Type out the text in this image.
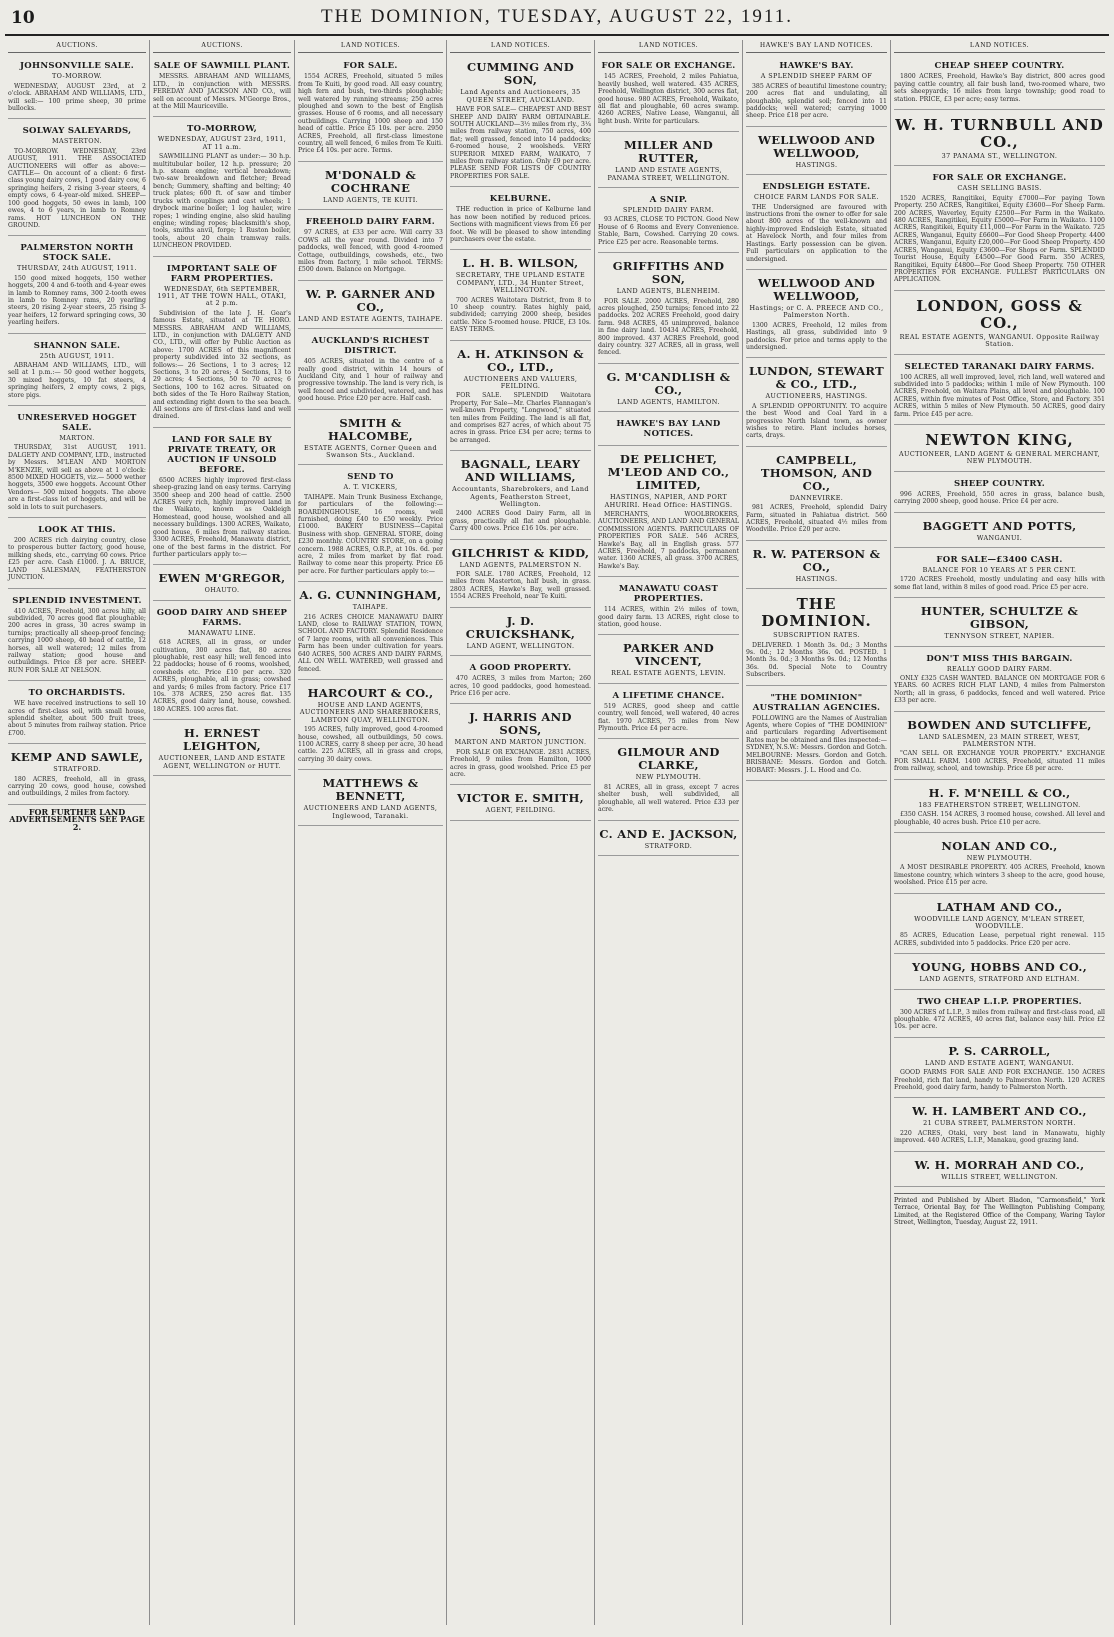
10	THE DOMINION, TUESDAY, AUGUST 22, 1911.
AUCTIONS.
JOHNSONVILLE SALE.
TO-MORROW.
WEDNESDAY, AUGUST 23rd, at 2 o'clock. ABRAHAM AND WILLIAMS, LTD., will sell:— 100 prime sheep, 30 prime bullocks.
SOLWAY SALEYARDS,
MASTERTON.
TO-MORROW. WEDNESDAY, 23rd AUGUST, 1911. THE ASSOCIATED AUCTIONEERS will offer as above:— CATTLE— On account of a client: 6 first-class young dairy cows, 1 good dairy cow, 6 springing heifers, 2 rising 3-year steers, 4 empty cows, 6 4-year-old mixed. SHEEP— 100 good hoggets, 50 ewes in lamb, 100 ewes, 4 to 6 years, in lamb to Romney rams. HOT LUNCHEON ON THE GROUND.
PALMERSTON NORTH STOCK SALE.
THURSDAY, 24th AUGUST, 1911.
150 good mixed hoggets, 150 wether hoggets, 200 4 and 6-tooth and 4-year ewes in lamb to Romney rams, 300 2-tooth ewes in lamb to Romney rams, 20 yearling steers, 20 rising 2-year steers, 25 rising 3-year heifers, 12 forward springing cows, 30 yearling heifers.
SHANNON SALE.
25th AUGUST, 1911.
ABRAHAM AND WILLIAMS, LTD., will sell at 1 p.m.:— 50 good wether hoggets, 30 mixed hoggets, 10 fat steers, 4 springing heifers, 2 empty cows, 2 pigs, store pigs.
UNRESERVED HOGGET SALE.
MARTON.
THURSDAY, 31st AUGUST, 1911. DALGETY AND COMPANY, LTD., instructed by Messrs. M'LEAN AND MORTON M'KENZIE, will sell as above at 1 o'clock: 8500 MIXED HOGGETS, viz.— 5000 wether hoggets, 3500 ewe hoggets. Account Other Vendors— 500 mixed hoggets. The above are a first-class lot of hoggets, and will be sold in lots to suit purchasers.
LOOK AT THIS.
200 ACRES rich dairying country, close to prosperous butter factory, good house, milking sheds, etc., carrying 60 cows. Price £25 per acre. Cash £1000. J. A. BRUCE, LAND SALESMAN, FEATHERSTON JUNCTION.
SPLENDID INVESTMENT.
410 ACRES, Freehold, 300 acres hilly, all subdivided, 70 acres good flat ploughable; 200 acres in grass, 30 acres swamp in turnips; practically all sheep-proof fencing; carrying 1000 sheep, 40 head of cattle, 12 horses, all well watered; 12 miles from railway station; good house and outbuildings. Price £8 per acre. SHEEP-RUN FOR SALE AT NELSON.
TO ORCHARDISTS.
WE have received instructions to sell 10 acres of first-class soil, with small house, splendid shelter, about 500 fruit trees, about 5 minutes from railway station. Price £700.
KEMP AND SAWLE,
STRATFORD.
180 ACRES, freehold, all in grass, carrying 20 cows, good house, cowshed and outbuildings, 2 miles from factory.
FOR FURTHER LAND ADVERTISEMENTS SEE PAGE 2.
AUCTIONS.
SALE OF SAWMILL PLANT.
MESSRS. ABRAHAM AND WILLIAMS, LTD., in conjunction with MESSRS. FEREDAY AND JACKSON AND CO., will sell on account of Messrs. M'George Bros., at the Mill Mauriceville.
TO-MORROW,
WEDNESDAY, AUGUST 23rd, 1911, AT 11 a.m.
SAWMILLING PLANT as under:— 30 h.p. multitubular boiler, 12 h.p. pressure; 20 h.p. steam engine; vertical breakdown; two-saw breakdown and fletcher; Bread bench; Gummery, shafting and belting; 40 truck plates; 600 ft. of saw and timber trucks with couplings and cast wheels; 1 drybock marine boiler; 1 log hauler, wire ropes; 1 winding engine, also skid hauling engine; winding ropes; blacksmith's shop, tools, smiths anvil, forge; 1 Ruston boiler, tools, about 20 chain tramway rails. LUNCHEON PROVIDED.
IMPORTANT SALE OF FARM PROPERTIES.
WEDNESDAY, 6th SEPTEMBER, 1911, AT THE TOWN HALL, OTAKI, at 2 p.m.
Subdivision of the late J. H. Gear's famous Estate, situated at TE HORO. MESSRS. ABRAHAM AND WILLIAMS, LTD., in conjunction with DALGETY AND CO., LTD., will offer by Public Auction as above: 1700 ACRES of this magnificent property subdivided into 32 sections, as follows:— 26 Sections, 1 to 3 acres; 12 Sections, 3 to 20 acres; 4 Sections, 13 to 29 acres; 4 Sections, 50 to 70 acres; 6 Sections, 100 to 162 acres. Situated on both sides of the Te Horo Railway Station, and extending right down to the sea beach. All sections are of first-class land and well drained.
LAND FOR SALE BY PRIVATE TREATY, OR AUCTION IF UNSOLD BEFORE.
6500 ACRES highly improved first-class sheep-grazing land on easy terms. Carrying 3500 sheep and 200 head of cattle. 2500 ACRES very rich, highly improved land in the Waikato, known as Oakleigh Homestead, good house, woolshed and all necessary buildings. 1300 ACRES, Waikato, good house, 6 miles from railway station. 3300 ACRES, Freehold, Manawatu district, one of the best farms in the district. For further particulars apply to:—
EWEN M'GREGOR,
OHAUTO.
GOOD DAIRY AND SHEEP FARMS.
MANAWATU LINE.
618 ACRES, all in grass, or under cultivation, 300 acres flat, 80 acres ploughable, rest easy hill; well fenced into 22 paddocks; house of 6 rooms, woolshed, cowsheds etc. Price £10 per acre. 320 ACRES, ploughable, all in grass; cowshed and yards; 6 miles from factory. Price £17 10s. 378 ACRES, 250 acres flat. 135 ACRES, good dairy land, house, cowshed. 180 ACRES. 100 acres flat.
H. ERNEST LEIGHTON,
AUCTIONEER, LAND AND ESTATE AGENT, WELLINGTON or HUTT.
LAND NOTICES.
FOR SALE.
1554 ACRES, Freehold, situated 5 miles from Te Kuiti, by good road. All easy country, high fern and bush, two-thirds ploughable; well watered by running streams; 250 acres ploughed and sown to the best of English grasses. House of 6 rooms, and all necessary outbuildings. Carrying 1000 sheep and 150 head of cattle. Price £5 10s. per acre. 2950 ACRES, Freehold, all first-class limestone country, all well fenced, 6 miles from Te Kuiti. Price £4 10s. per acre. Terms.
M'DONALD & COCHRANE
LAND AGENTS, TE KUITI.
FREEHOLD DAIRY FARM.
97 ACRES, at £33 per acre. Will carry 33 COWS all the year round. Divided into 7 paddocks, well fenced, with good 4-roomed Cottage, outbuildings, cowsheds, etc., two miles from factory, 1 mile school. TERMS: £500 down. Balance on Mortgage.
W. P. GARNER AND CO.,
LAND AND ESTATE AGENTS, TAIHAPE.
AUCKLAND'S RICHEST DISTRICT.
405 ACRES, situated in the centre of a really good district, within 14 hours of Auckland City, and 1 hour of railway and progressive township. The land is very rich, is well fenced and subdivided, watered, and has good house. Price £20 per acre. Half cash.
SMITH & HALCOMBE,
ESTATE AGENTS, Corner Queen and Swanson Sts., Auckland.
SEND TO
A. T. VICKERS,
TAIHAPE. Main Trunk Business Exchange, for particulars of the following:— BOARDINGHOUSE, 16 rooms, well furnished, doing £40 to £50 weekly. Price £1000. BAKERY BUSINESS—Capital Business with shop. GENERAL STORE, doing £230 monthly. COUNTRY STORE, on a going concern. 1988 ACRES, O.R.P., at 10s. 6d. per acre, 2 miles from market by flat road. Railway to come near this property. Price £6 per acre. For further particulars apply to:—
A. G. CUNNINGHAM,
TAIHAPE.
216 ACRES CHOICE MANAWATU DAIRY LAND, close to RAILWAY STATION, TOWN, SCHOOL AND FACTORY. Splendid Residence of 7 large rooms, with all conveniences. This Farm has been under cultivation for years. 640 ACRES, 500 ACRES AND DAIRY FARMS, ALL ON WELL WATERED, well grassed and fenced.
HARCOURT & CO.,
HOUSE AND LAND AGENTS, AUCTIONEERS AND SHAREBROKERS, LAMBTON QUAY, WELLINGTON.
195 ACRES, fully improved, good 4-roomed house, cowshed, all outbuildings, 50 cows. 1100 ACRES, carry 8 sheep per acre, 30 head cattle. 225 ACRES, all in grass and crops, carrying 30 dairy cows.
MATTHEWS & BENNETT,
AUCTIONEERS AND LAND AGENTS, Inglewood, Taranaki.
LAND NOTICES.
CUMMING AND SON,
Land Agents and Auctioneers, 35 QUEEN STREET, AUCKLAND.
HAVE FOR SALE— CHEAPEST AND BEST SHEEP AND DAIRY FARM OBTAINABLE. SOUTH AUCKLAND—3½ miles from rly., 3¼ miles from railway station, 750 acres, 400 flat; well grassed, fenced into 14 paddocks; 6-roomed house, 2 woolsheds. VERY SUPERIOR MIXED FARM, WAIKATO, 7 miles from railway station. Only £9 per acre. PLEASE SEND FOR LISTS OF COUNTRY PROPERTIES FOR SALE.
KELBURNE.
THE reduction in price of Kelburne land has now been notified by reduced prices. Sections with magnificent views from £6 per foot. We will be pleased to show intending purchasers over the estate.
L. H. B. WILSON,
SECRETARY, THE UPLAND ESTATE COMPANY, LTD., 34 Hunter Street, WELLINGTON.
700 ACRES Waitotara District, from 8 to 10 sheep country. Rates highly paid, subdivided; carrying 2000 sheep, besides cattle. Nice 5-roomed house. PRICE, £3 10s. EASY TERMS.
A. H. ATKINSON & CO., LTD.,
AUCTIONEERS AND VALUERS, FEILDING.
FOR SALE. SPLENDID Waitotara Property, For Sale—Mr. Charles Flannagan's well-known Property, "Longwood," situated ten miles from Feilding. The land is all flat, and comprises 827 acres, of which about 75 acres in grass. Price £34 per acre; terms to be arranged.
BAGNALL, LEARY AND WILLIAMS,
Accountants, Sharebrokers, and Land Agents, Featherston Street, Wellington.
2400 ACRES Good Dairy Farm, all in grass, practically all flat and ploughable. Carry 400 cows. Price £16 10s. per acre.
GILCHRIST & KIDD,
LAND AGENTS, PALMERSTON N.
FOR SALE. 1780 ACRES, Freehold, 12 miles from Masterton, half bush, in grass. 2803 ACRES, Hawke's Bay, well grassed. 1554 ACRES Freehold, near Te Kuiti.
J. D. CRUICKSHANK,
LAND AGENT, WELLINGTON.
A GOOD PROPERTY.
470 ACRES, 3 miles from Marton; 260 acres, 10 good paddocks, good homestead. Price £16 per acre.
J. HARRIS AND SONS,
MARTON AND MARTON JUNCTION.
FOR SALE OR EXCHANGE. 2831 ACRES, Freehold, 9 miles from Hamilton, 1000 acres in grass, good woolshed. Price £5 per acre.
VICTOR E. SMITH,
AGENT, FEILDING.
LAND NOTICES.
FOR SALE OR EXCHANGE.
145 ACRES, Freehold, 2 miles Pahiatua, heavily bushed, well watered. 435 ACRES, Freehold, Wellington district, 300 acres flat, good house. 980 ACRES, Freehold, Waikato, all flat and ploughable, 60 acres swamp. 4260 ACRES, Native Lease, Wanganui, all light bush. Write for particulars.
MILLER AND RUTTER,
LAND AND ESTATE AGENTS, PANAMA STREET, WELLINGTON.
A SNIP.
SPLENDID DAIRY FARM.
93 ACRES, CLOSE TO PICTON. Good New House of 6 Rooms and Every Convenience. Stable, Barn, Cowshed. Carrying 20 cows. Price £25 per acre. Reasonable terms.
GRIFFITHS AND SON,
LAND AGENTS, BLENHEIM.
FOR SALE. 2000 ACRES, Freehold, 280 acres ploughed, 250 turnips; fenced into 22 paddocks. 202 ACRES Freehold, good dairy farm. 948 ACRES, 45 unimproved, balance in fine dairy land. 10434 ACRES, Freehold, 800 improved. 437 ACRES Freehold, good dairy country. 327 ACRES, all in grass, well fenced.
G. M'CANDLISH & CO.,
LAND AGENTS, HAMILTON.
HAWKE'S BAY LAND NOTICES.
DE PELICHET, M'LEOD AND CO., LIMITED,
HASTINGS, NAPIER, AND PORT AHURIRI. Head Office: HASTINGS.
MERCHANTS, WOOLBROKERS, AUCTIONEERS, AND LAND AND GENERAL COMMISSION AGENTS. PARTICULARS OF PROPERTIES FOR SALE. 546 ACRES, Hawke's Bay, all in English grass. 577 ACRES, Freehold, 7 paddocks, permanent water. 1360 ACRES, all grass. 3700 ACRES, Hawke's Bay.
MANAWATU COAST PROPERTIES.
114 ACRES, within 2½ miles of town, good dairy farm. 13 ACRES, right close to station, good house.
PARKER AND VINCENT,
REAL ESTATE AGENTS, LEVIN.
A LIFETIME CHANCE.
519 ACRES, good sheep and cattle country, well fenced, well watered, 40 acres flat. 1970 ACRES, 75 miles from New Plymouth. Price £4 per acre.
GILMOUR AND CLARKE,
NEW PLYMOUTH.
81 ACRES, all in grass, except 7 acres shelter bush, well subdivided, all ploughable, all well watered. Price £33 per acre.
C. AND E. JACKSON,
STRATFORD.
HAWKE'S BAY LAND NOTICES.
HAWKE'S BAY.
A SPLENDID SHEEP FARM OF
385 ACRES of beautiful limestone country; 200 acres flat and undulating, all ploughable, splendid soil; fenced into 11 paddocks; well watered; carrying 1000 sheep. Price £18 per acre.
WELLWOOD AND WELLWOOD,
HASTINGS.
ENDSLEIGH ESTATE.
CHOICE FARM LANDS FOR SALE.
THE Undersigned are favoured with instructions from the owner to offer for sale about 800 acres of the well-known and highly-improved Endsleigh Estate, situated at Havelock North, and four miles from Hastings. Early possession can be given. Full particulars on application to the undersigned.
WELLWOOD AND WELLWOOD,
Hastings; or C. A. PREECE AND CO., Palmerston North.
1300 ACRES, Freehold, 12 miles from Hastings, all grass, subdivided into 9 paddocks. For price and terms apply to the undersigned.
LUNDON, STEWART & CO., LTD.,
AUCTIONEERS, HASTINGS.
A SPLENDID OPPORTUNITY. TO acquire the best Wood and Coal Yard in a progressive North Island town, as owner wishes to retire. Plant includes horses, carts, drays.
CAMPBELL, THOMSON, AND CO.,
DANNEVIRKE.
981 ACRES, Freehold, splendid Dairy Farm, situated in Pahiatua district. 560 ACRES, Freehold, situated 4½ miles from Woodville. Price £20 per acre.
R. W. PATERSON & CO.,
HASTINGS.
THE DOMINION.
SUBSCRIPTION RATES.
DELIVERED. 1 Month 3s. 0d.; 3 Months 9s. 0d.; 12 Months 36s. 0d. POSTED. 1 Month 3s. 0d.; 3 Months 9s. 0d.; 12 Months 36s. 0d. Special Note to Country Subscribers.
"THE DOMINION" AUSTRALIAN AGENCIES.
FOLLOWING are the Names of Australian Agents, where Copies of "THE DOMINION" and particulars regarding Advertisement Rates may be obtained and files inspected:— SYDNEY, N.S.W.: Messrs. Gordon and Gotch. MELBOURNE: Messrs. Gordon and Gotch. BRISBANE: Messrs. Gordon and Gotch. HOBART: Messrs. J. L. Hood and Co.
LAND NOTICES.
CHEAP SHEEP COUNTRY.
1800 ACRES, Freehold, Hawke's Bay district, 800 acres good paying cattle country, all fair bush land, two-roomed whare, two sets sheepyards; 16 miles from large township; good road to station. PRICE, £3 per acre; easy terms.
W. H. TURNBULL AND CO.,
37 PANAMA ST., WELLINGTON.
FOR SALE OR EXCHANGE.
CASH SELLING BASIS.
1520 ACRES, Rangitikei, Equity £7000—For paying Town Property. 250 ACRES, Rangitikei, Equity £3600—For Sheep Farm. 200 ACRES, Waverley, Equity £2500—For Farm in the Waikato. 480 ACRES, Rangitikei, Equity £5000—For Farm in Waikato. 1100 ACRES, Rangitikei, Equity £11,000—For Farm in the Waikato. 725 ACRES, Wanganui, Equity £6600—For Good Sheep Property. 4400 ACRES, Wanganui, Equity £20,000—For Good Sheep Property. 450 ACRES, Wanganui, Equity £3600—For Shops or Farm. SPLENDID Tourist House, Equity £4500—For Good Farm. 350 ACRES, Rangitikei, Equity £4800—For Good Sheep Property. 750 OTHER PROPERTIES FOR EXCHANGE. FULLEST PARTICULARS ON APPLICATION.
LONDON, GOSS & CO.,
REAL ESTATE AGENTS, WANGANUI. Opposite Railway Station.
SELECTED TARANAKI DAIRY FARMS.
100 ACRES, all well improved, level, rich land, well watered and subdivided into 5 paddocks; within 1 mile of New Plymouth. 100 ACRES, Freehold, on Waitara Plains, all level and ploughable. 100 ACRES, within five minutes of Post Office, Store, and Factory. 351 ACRES, within 5 miles of New Plymouth. 50 ACRES, good dairy farm. Price £45 per acre.
NEWTON KING,
AUCTIONEER, LAND AGENT & GENERAL MERCHANT, NEW PLYMOUTH.
SHEEP COUNTRY.
996 ACRES, Freehold, 550 acres in grass, balance bush, carrying 2000 sheep, good house. Price £4 per acre.
BAGGETT AND POTTS,
WANGANUI.
FOR SALE—£3400 CASH.
BALANCE FOR 10 YEARS AT 5 PER CENT.
1720 ACRES Freehold, mostly undulating and easy hills with some flat land, within 8 miles of good road. Price £5 per acre.
HUNTER, SCHULTZE & GIBSON,
TENNYSON STREET, NAPIER.
DON'T MISS THIS BARGAIN.
REALLY GOOD DAIRY FARM.
ONLY £325 CASH WANTED. BALANCE ON MORTGAGE FOR 6 YEARS. 60 ACRES RICH FLAT LAND, 4 miles from Palmerston North; all in grass, 6 paddocks, fenced and well watered. Price £33 per acre.
BOWDEN AND SUTCLIFFE,
LAND SALESMEN, 23 MAIN STREET, WEST, PALMERSTON NTH.
"CAN SELL OR EXCHANGE YOUR PROPERTY." EXCHANGE FOR SMALL FARM. 1400 ACRES, Freehold, situated 11 miles from railway, school, and township. Price £8 per acre.
H. F. M'NEILL & CO.,
183 FEATHERSTON STREET, WELLINGTON.
£350 CASH. 154 ACRES, 3 roomed house, cowshed. All level and ploughable, 40 acres bush. Price £10 per acre.
NOLAN AND CO.,
NEW PLYMOUTH.
A MOST DESIRABLE PROPERTY. 405 ACRES, Freehold, known limestone country, which winters 3 sheep to the acre, good house, woolshed. Price £15 per acre.
LATHAM AND CO.,
WOODVILLE LAND AGENCY, M'LEAN STREET, WOODVILLE.
85 ACRES, Education Lease, perpetual right renewal. 115 ACRES, subdivided into 5 paddocks. Price £20 per acre.
YOUNG, HOBBS AND CO.,
LAND AGENTS, STRATFORD AND ELTHAM.
TWO CHEAP L.I.P. PROPERTIES.
300 ACRES of L.I.P., 3 miles from railway and first-class road, all ploughable. 472 ACRES, 40 acres flat, balance easy hill. Price £2 10s. per acre.
P. S. CARROLL,
LAND AND ESTATE AGENT, WANGANUI.
GOOD FARMS FOR SALE AND FOR EXCHANGE. 150 ACRES Freehold, rich flat land, handy to Palmerston North. 120 ACRES Freehold, good dairy farm, handy to Palmerston North.
W. H. LAMBERT AND CO.,
21 CUBA STREET, PALMERSTON NORTH.
220 ACRES, Otaki, very best land in Manawatu, highly improved. 440 ACRES, L.I.P., Manakau, good grazing land.
W. H. MORRAH AND CO.,
WILLIS STREET, WELLINGTON.
Printed and Published by Albert Bladon, "Carmonsfield," York Terrace, Oriental Bay, for The Wellington Publishing Company, Limited, at the Registered Office of the Company, Waring Taylor Street, Wellington, Tuesday, August 22, 1911.
